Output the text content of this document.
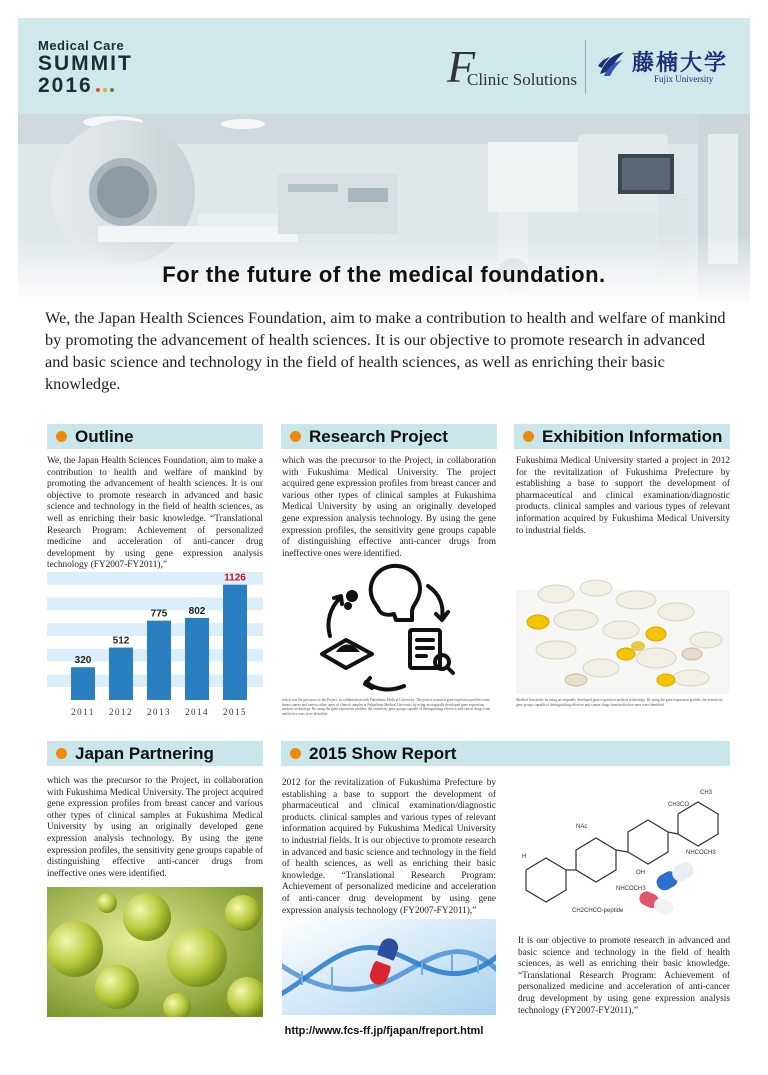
Medical Care
SUMMIT
2016	F
Clinic Solutions
藤楠大学
Fujix University
For the future of the medical foundation.

We, the Japan Health Sciences Foundation, aim to make a contribution to health and welfare of mankind by promoting the advancement of health sciences. It is our objective to promote research in advanced and basic science and technology in the field of health sciences, as well as enriching their basic knowledge.

Outline

We, the Japan Health Sciences Foundation, aim to make a contribution to health and welfare of mankind by promoting the advancement of health sciences. It is our objective to promote research in advanced and basic science and technology in the field of health sciences, as well as enriching their basic knowledge. “Translational Research Program: Achievement of personalized medicine and acceleration of anti-cancer drug development by using gene expression analysis technology (FY2007-FY2011),”

320
512
775 802
1126
2011 2012 2013 2014 2015
Research Project

which was the precursor to the Project, in collaboration with Fukushima Medical University. The project acquired gene expression profiles from breast cancer and various other types of clinical samples at Fukushima Medical University by using an originally developed gene expression analysis technology. By using the gene expression profiles, the sensitivity gene groups capable of distinguishing effective anti-cancer drugs from ineffective ones were identified.

which was the precursor to the Project, in collaboration with Fukushima Medical University. The project acquired gene expression profiles from breast cancer and various other types of clinical samples at Fukushima Medical University by using an originally developed gene expression analysis technology. By using the gene expression profiles, the sensitivity gene groups capable of distinguishing effective anti-cancer drugs from ineffective ones were identified.

Exhibition Information

Fukushima Medical University started a project in 2012 for the revitalization of Fukushima Prefecture by establishing a base to support the development of pharmaceutical and clinical examination/diagnostic products. clinical samples and various types of relevant information acquired by Fukushima Medical University to industrial fields.

Medical University by using an originally developed gene expression analysis technology. By using the gene expression profiles, the sensitivity gene groups capable of distinguishing effective anti-cancer drugs from ineffective ones were identified.

Japan Partnering

which was the precursor to the Project, in collaboration with Fukushima Medical University. The project acquired gene expression profiles from breast cancer and various other types of clinical samples at Fukushima Medical University by using an originally developed gene expression analysis technology. By using the gene expression profiles, the sensitivity gene groups capable of distinguishing effective anti-cancer drugs from ineffective ones were identified.

2015 Show Report

2012 for the revitalization of Fukushima Prefecture by establishing a base to support the development of pharmaceutical and clinical examination/diagnostic products. clinical samples and various types of relevant information acquired by Fukushima Medical University to industrial fields. It is our objective to promote research in advanced and basic science and technology in the field of health sciences, as well as enriching their basic knowledge. “Translational Research Program: Achievement of personalized medicine and acceleration of anti-cancer drug development by using gene expression analysis technology (FY2007-FY2011),”

NAc
NHCOCH3
CH3CO
CH2CHCO-peptide
H
OH
CH3
NHCOCH3

It is our objective to promote research in advanced and basic science and technology in the field of health sciences, as well as enriching their basic knowledge. “Translational Research Program: Achievement of personalized medicine and acceleration of anti-cancer drug development by using gene expression analysis technology (FY2007-FY2011),”

http://www.fcs-ff.jp/fjapan/freport.html
